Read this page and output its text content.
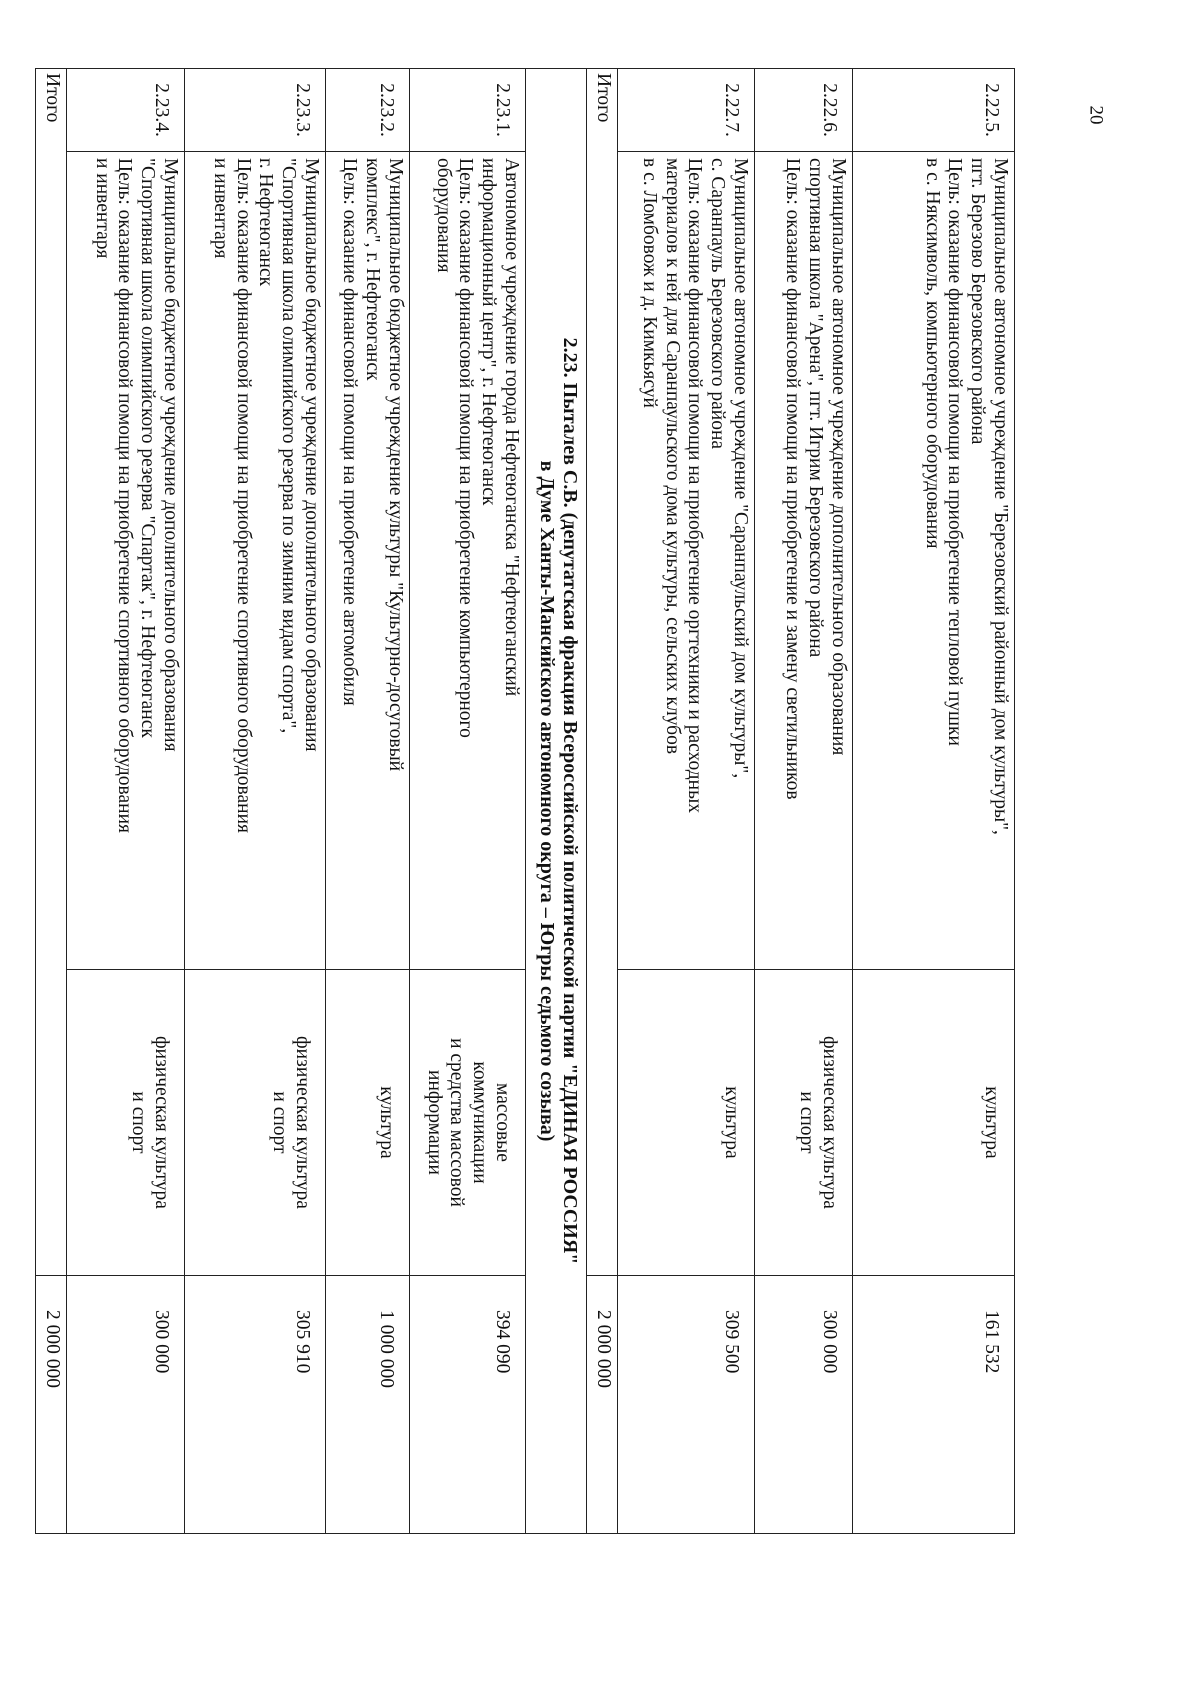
20
2.22.5.	Муниципальное автономное учреждение "Березовский районный дом культуры",
пгт. Березово Березовского района
Цель: оказание финансовой помощи на приобретение тепловой пушки
в с. Няксимволь, компьютерного оборудования	культура	161 532
2.22.6.	Муниципальное автономное учреждение дополнительного образования
спортивная школа "Арена", пгт. Игрим Березовского района
Цель: оказание финансовой помощи на приобретение и замену светильников	физическая культура
и спорт	300 000
2.22.7.	Муниципальное автономное учреждение "Саранпаульский дом культуры",
с. Саранпауль Березовского района
Цель: оказание финансовой помощи на приобретение оргтехники и расходных
материалов к ней для Саранпаульского дома культуры, сельских клубов
в с. Ломбовож и д. Кимкьясуй	культура	309 500
Итого			2 000 000

2.23. Пыталев С.В. (депутатская фракция Всероссийской политической партии "ЕДИНАЯ РОССИЯ"
в Думе Ханты-Мансийского автономного округа – Югры седьмого созыва)			

2.23.1.	Автономное учреждение города Нефтеюганска "Нефтеюганский
информационный центр", г. Нефтеюганск
Цель: оказание финансовой помощи на приобретение компьютерного
оборудования	массовые
коммуникации
и средства массовой
информации	394 090
2.23.2.	Муниципальное бюджетное учреждение культуры "Культурно-досуговый
комплекс", г. Нефтеюганск
Цель: оказание финансовой помощи на приобретение автомобиля	культура	1 000 000
2.23.3.	Муниципальное бюджетное учреждение дополнительного образования
"Спортивная школа олимпийского резерва по зимним видам спорта",
г. Нефтеюганск
Цель: оказание финансовой помощи на приобретение спортивного оборудования
и инвентаря	физическая культура
и спорт	305 910
2.23.4.	Муниципальное бюджетное учреждение дополнительного образования
"Спортивная школа олимпийского резерва "Спартак", г. Нефтеюганск
Цель: оказание финансовой помощи на приобретение спортивного оборудования
и инвентаря	физическая культура
и спорт	300 000
Итого			2 000 000
